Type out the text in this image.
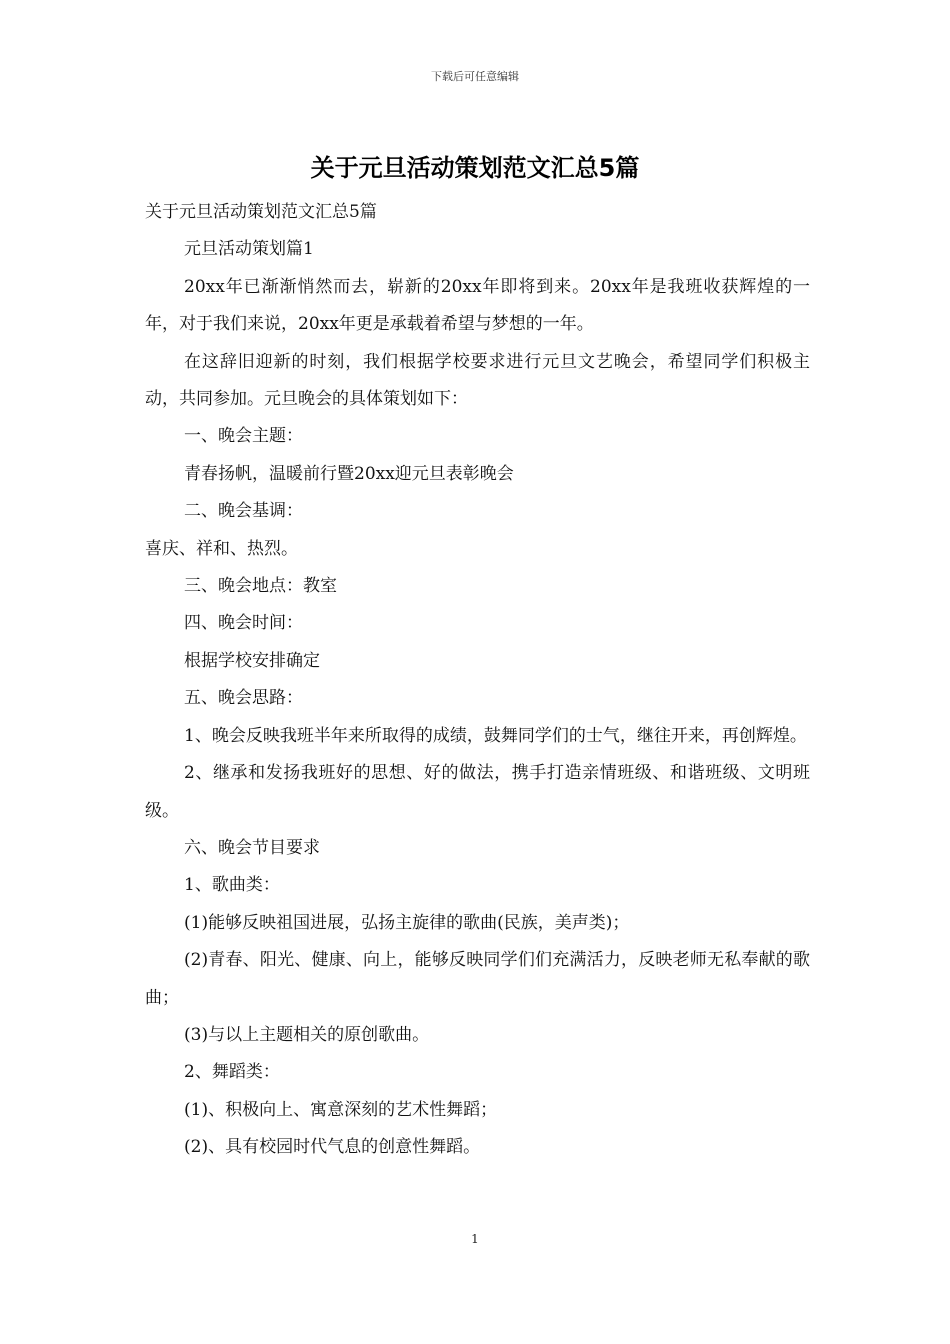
下载后可任意编辑
关于元旦活动策划范文汇总5篇

关于元旦活动策划范文汇总5篇

元旦活动策划篇1

20xx年已渐渐悄然而去，崭新的20xx年即将到来。20xx年是我班收获辉煌的一年，对于我们来说，20xx年更是承载着希望与梦想的一年。

在这辞旧迎新的时刻，我们根据学校要求进行元旦文艺晚会，希望同学们积极主动，共同参加。元旦晚会的具体策划如下：

一、晚会主题：

青春扬帆，温暖前行暨20xx迎元旦表彰晚会

二、晚会基调：

喜庆、祥和、热烈。

三、晚会地点：教室

四、晚会时间：

根据学校安排确定

五、晚会思路：

1、晚会反映我班半年来所取得的成绩，鼓舞同学们的士气，继往开来，再创辉煌。

2、继承和发扬我班好的思想、好的做法，携手打造亲情班级、和谐班级、文明班级。

六、晚会节目要求

1、歌曲类：

(1)能够反映祖国进展，弘扬主旋律的歌曲(民族，美声类)；

(2)青春、阳光、健康、向上，能够反映同学们们充满活力，反映老师无私奉献的歌曲；

(3)与以上主题相关的原创歌曲。

2、舞蹈类：

(1)、积极向上、寓意深刻的艺术性舞蹈；

(2)、具有校园时代气息的创意性舞蹈。

1
